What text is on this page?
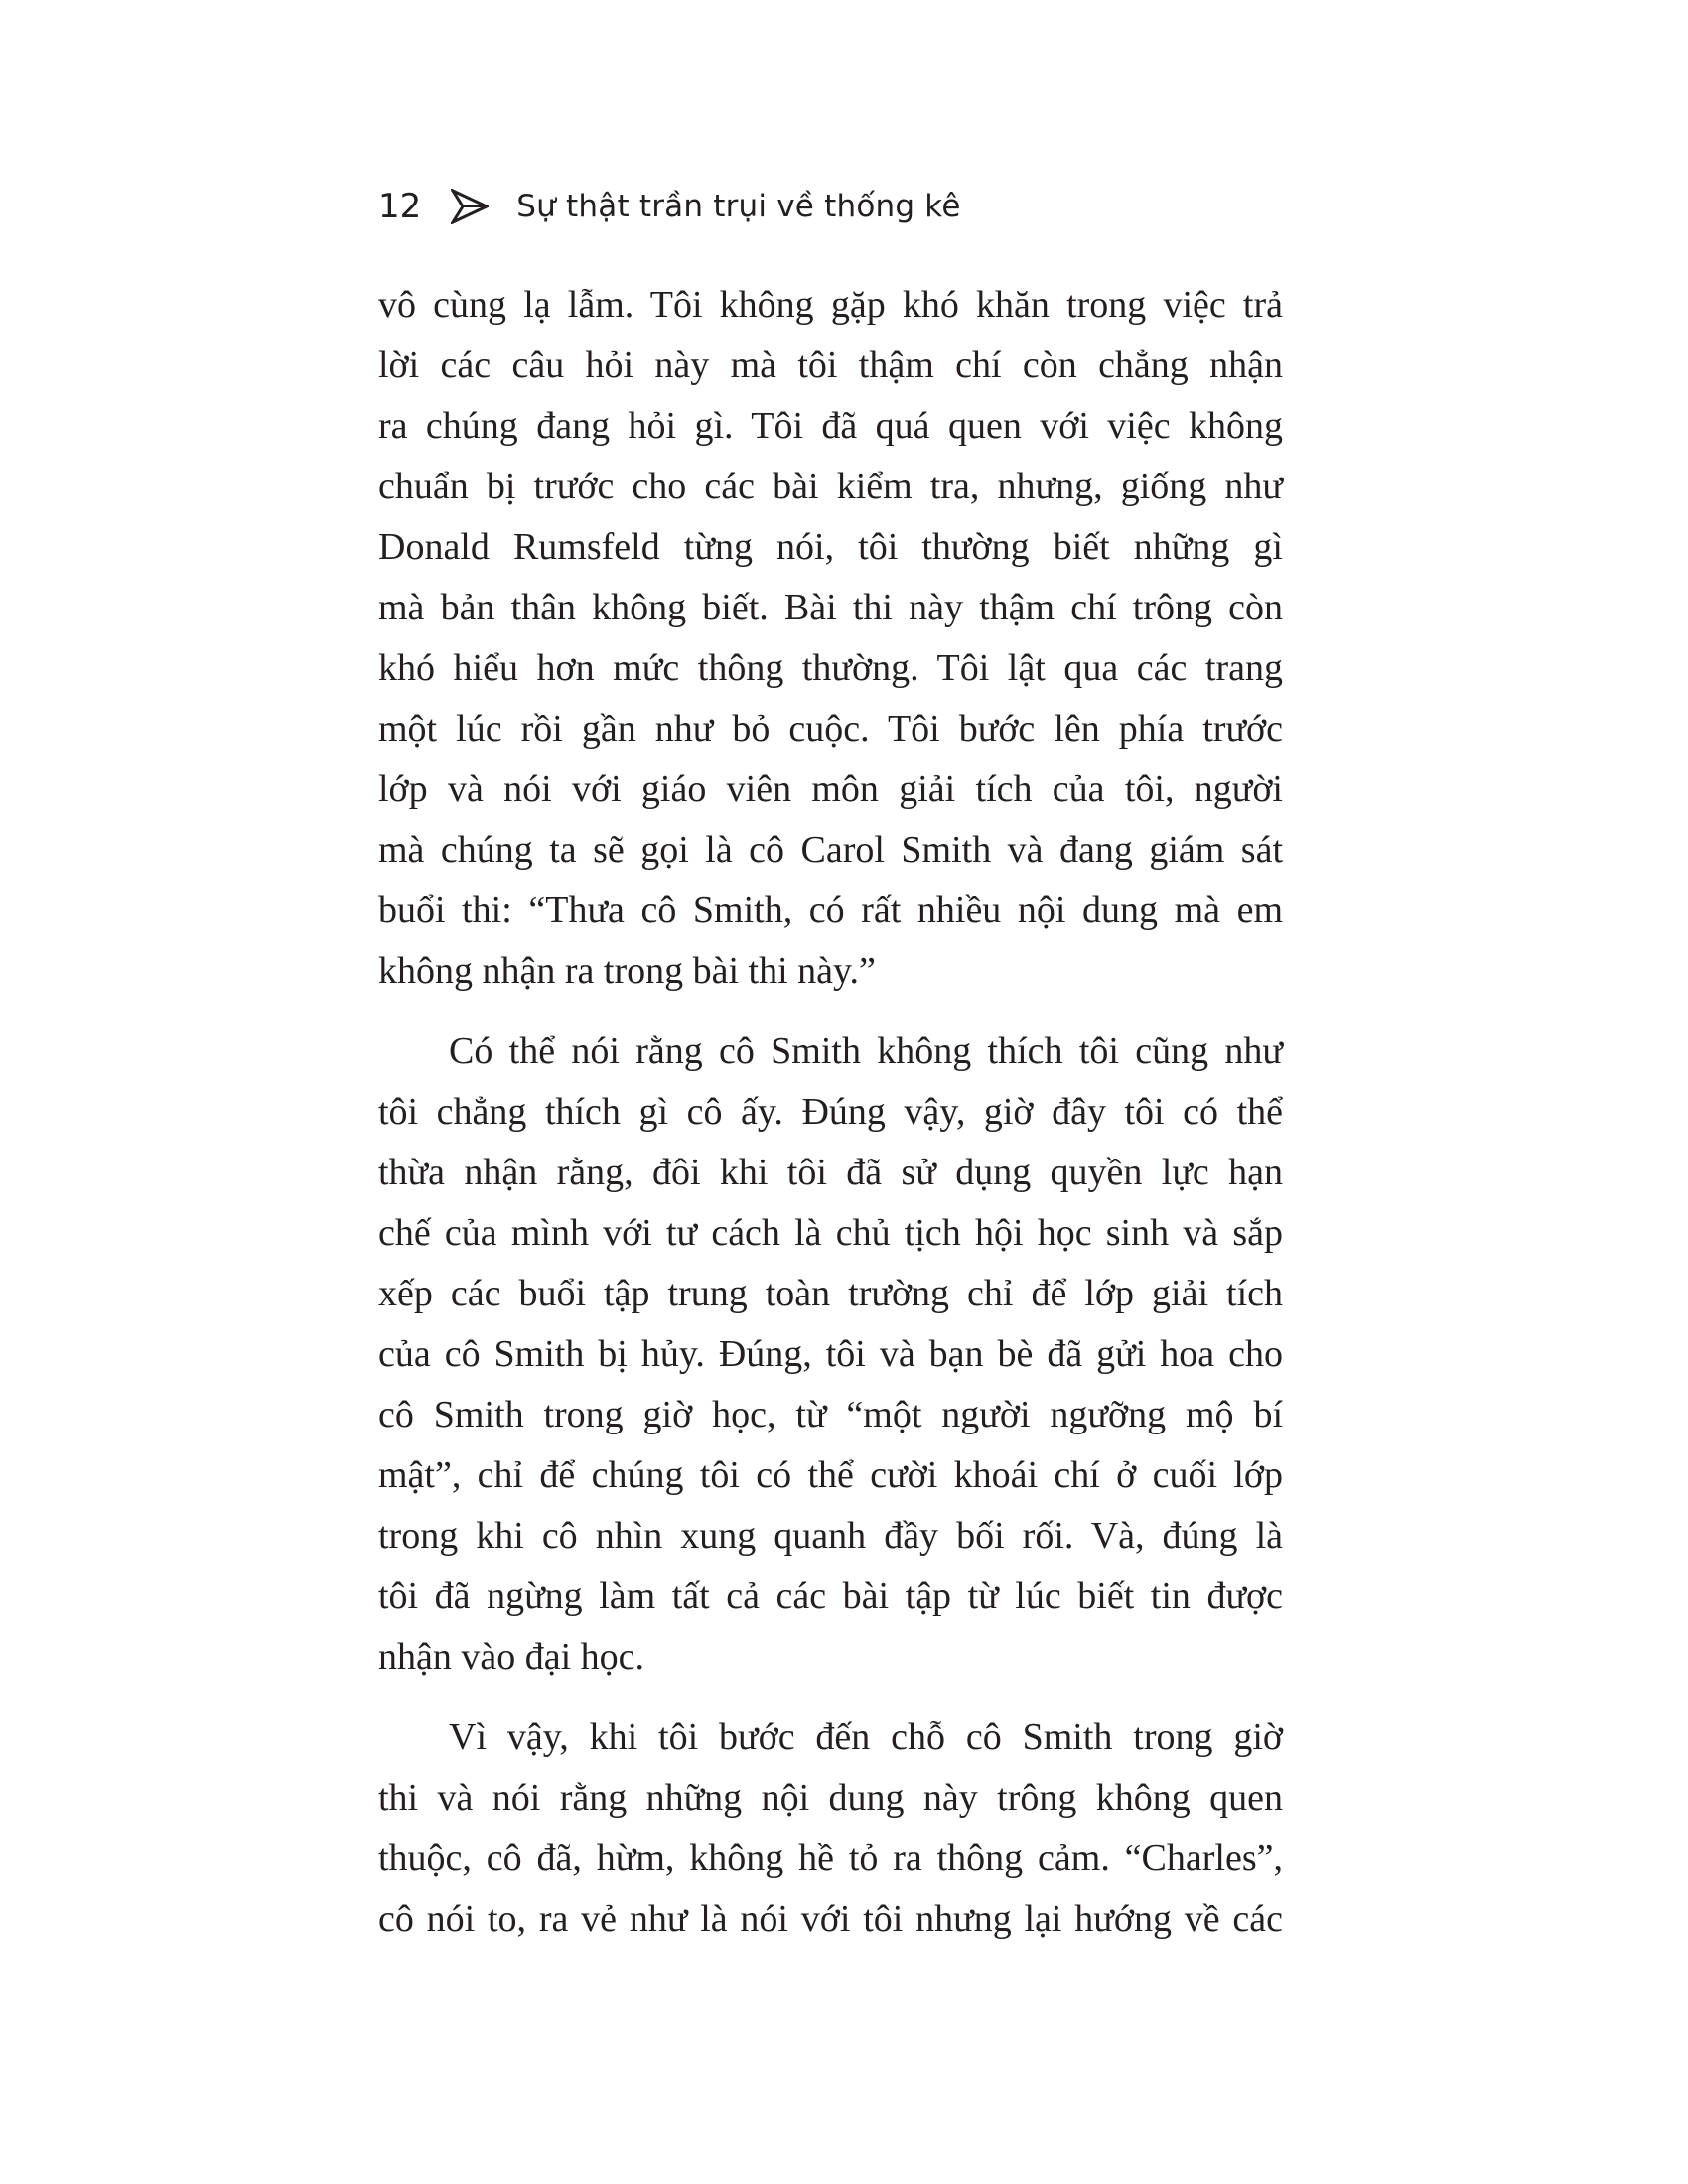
12	Sự thật trần trụi về thống kê
vô cùng lạ lẫm. Tôi không gặp khó khăn trong việc trả
lời các câu hỏi này mà tôi thậm chí còn chẳng nhận
ra chúng đang hỏi gì. Tôi đã quá quen với việc không
chuẩn bị trước cho các bài kiểm tra, nhưng, giống như
Donald Rumsfeld từng nói, tôi thường biết những gì
mà bản thân không biết. Bài thi này thậm chí trông còn
khó hiểu hơn mức thông thường. Tôi lật qua các trang
một lúc rồi gần như bỏ cuộc. Tôi bước lên phía trước
lớp và nói với giáo viên môn giải tích của tôi, người
mà chúng ta sẽ gọi là cô Carol Smith và đang giám sát
buổi thi: “Thưa cô Smith, có rất nhiều nội dung mà em
không nhận ra trong bài thi này.”
Có thể nói rằng cô Smith không thích tôi cũng như
tôi chẳng thích gì cô ấy. Đúng vậy, giờ đây tôi có thể
thừa nhận rằng, đôi khi tôi đã sử dụng quyền lực hạn
chế của mình với tư cách là chủ tịch hội học sinh và sắp
xếp các buổi tập trung toàn trường chỉ để lớp giải tích
của cô Smith bị hủy. Đúng, tôi và bạn bè đã gửi hoa cho
cô Smith trong giờ học, từ “một người ngưỡng mộ bí
mật”, chỉ để chúng tôi có thể cười khoái chí ở cuối lớp
trong khi cô nhìn xung quanh đầy bối rối. Và, đúng là
tôi đã ngừng làm tất cả các bài tập từ lúc biết tin được
nhận vào đại học.
Vì vậy, khi tôi bước đến chỗ cô Smith trong giờ
thi và nói rằng những nội dung này trông không quen
thuộc, cô đã, hừm, không hề tỏ ra thông cảm. “Charles”,
cô nói to, ra vẻ như là nói với tôi nhưng lại hướng về các
